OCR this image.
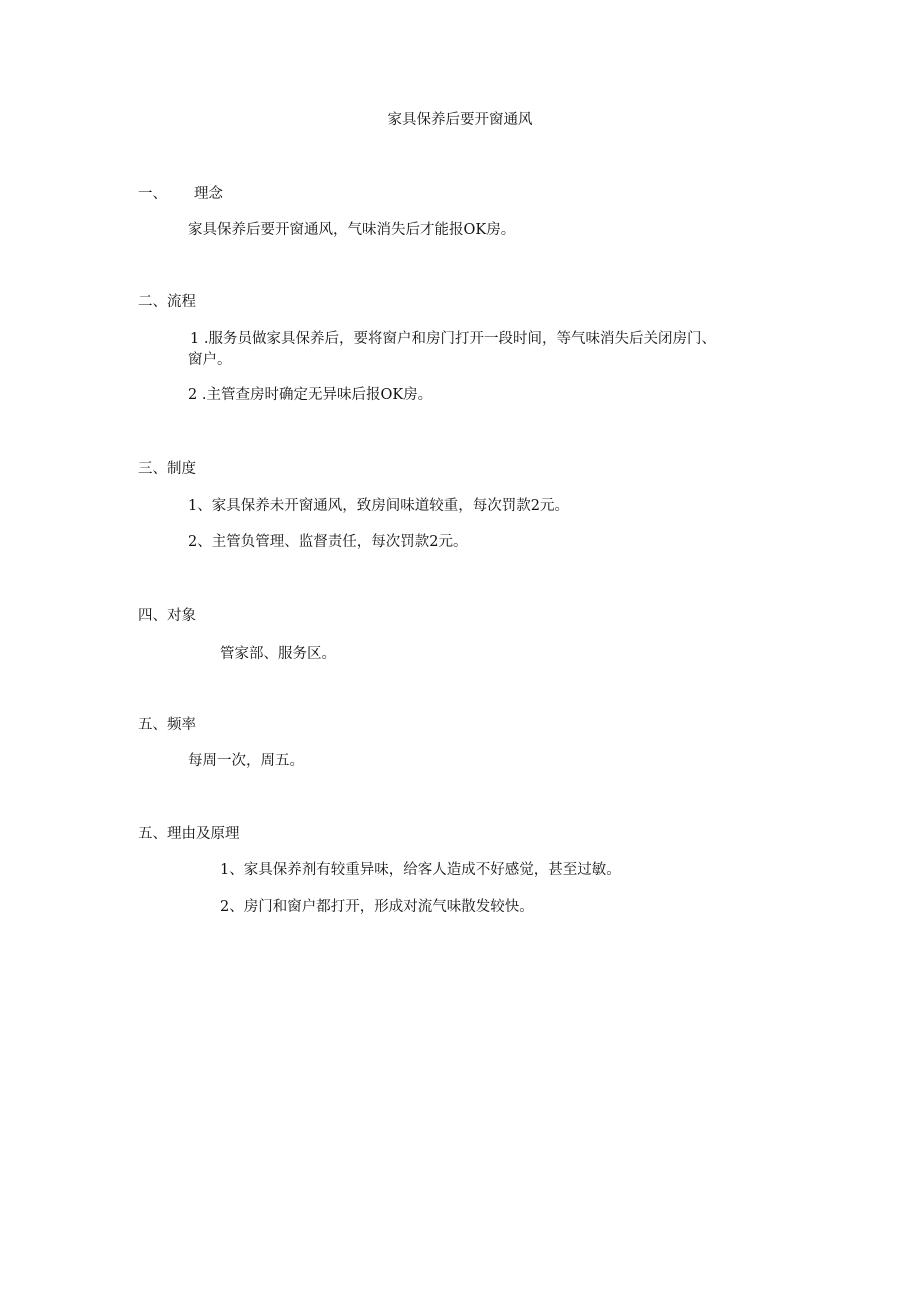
家具保养后要开窗通风
一、 理念
家具保养后要开窗通风，气味消失后才能报OK房。
二、流程
1 .服务员做家具保养后，要将窗户和房门打开一段时间，等气味消失后关闭房门、
窗户。
2 .主管查房时确定无异味后报OK房。
三、制度
1、家具保养未开窗通风，致房间味道较重，每次罚款2元。
2、主管负管理、监督责任，每次罚款2元。
四、对象
管家部、服务区。
五、频率
每周一次，周五。
五、理由及原理
1、家具保养剂有较重异味，给客人造成不好感觉，甚至过敏。
2、房门和窗户都打开，形成对流气味散发较快。
